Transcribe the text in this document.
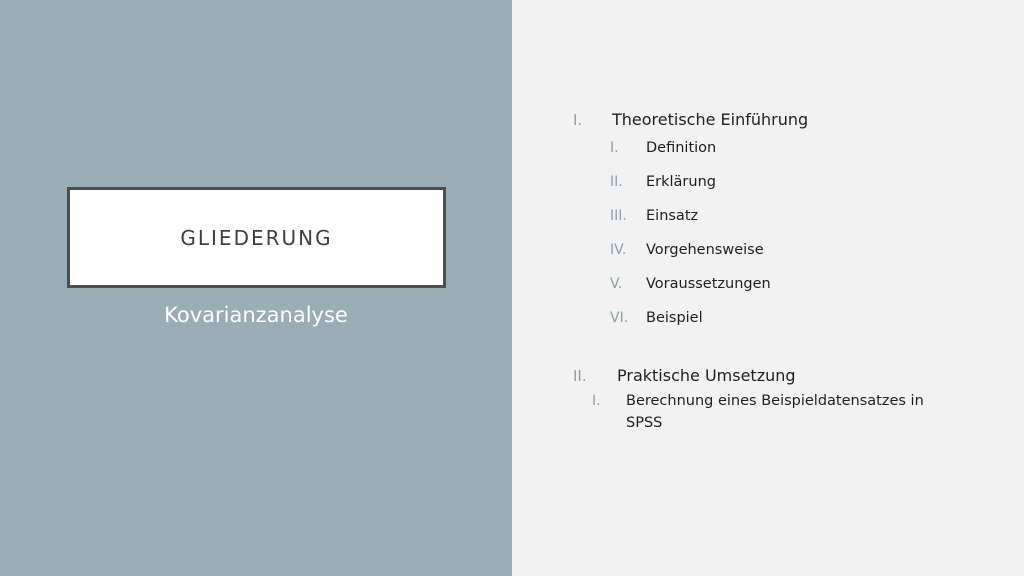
GLIEDERUNG
Kovarianzanalyse
I. Theoretische Einführung
I. Definition
II. Erklärung
III. Einsatz
IV. Vorgehensweise
V. Voraussetzungen
VI. Beispiel
II. Praktische Umsetzung
I. Berechnung eines Beispieldatensatzes in SPSS
